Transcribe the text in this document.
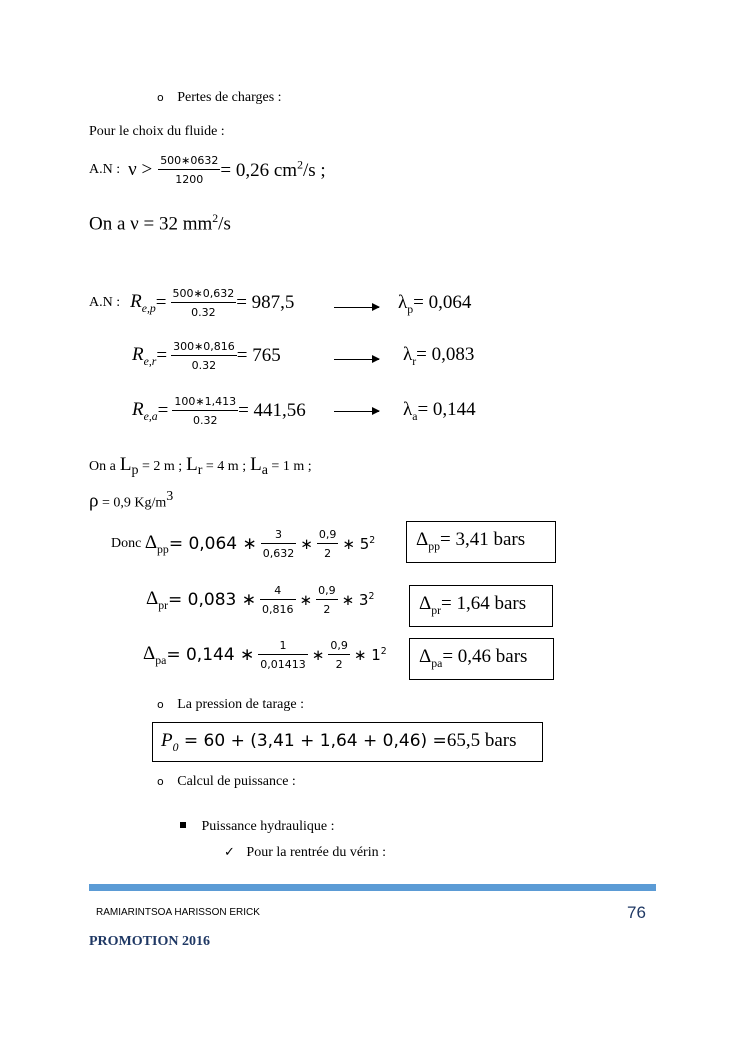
o Pertes de charges :
Pour le choix du fluide :
A.N : $\nu > \frac{500∗0632}{1200} = 0,26$ $cm^2/s$ ;
On a ν = 32 $mm^2/s$
A.N : $R_{e,p}= \frac{500∗0,632}{0.32} = 987,5$	$\lambda_p= 0,064$
$R_{e,r}= \frac{300∗0,816}{0.32} = 765$	$\lambda_r= 0,083$
$R_{e,a}= \frac{100∗1,413}{0.32} = 441,56$	$\lambda_a= 0,144$
On a $L_p = 2$ m ; $L_r = 4$ m ; $L_a = 1$ m ;
ρ = 0,9 $Kg/m^3$
Donc $\Delta_{pp}= 0,064$ ∗ $\frac{3}{0,632}$ ∗ $\frac{0,9}{2}$ ∗ $5^2$ $\Delta_{pp}= 3,41$ bars
$\Delta_{pr}= 0,083$ ∗ $\frac{4}{0,816}$ ∗ $\frac{0,9}{2}$ ∗ $3^2$ $\Delta_{pr}= 1,64$ bars
$\Delta_{pa}= 0,144$ ∗ $\frac{1}{0,01413}$ ∗ $\frac{0,9}{2}$ ∗ $1^2$ $\Delta_{pa}= 0,46$ bars
o La pression de tarage :
$P_0 = 60 + (3,41 + 1,64 + 0,46) =65,5$ bars
o Calcul de puissance :
Puissance hydraulique :
✓ Pour la rentrée du vérin :
RAMIARINTSOA HARISSON ERICK	76
PROMOTION 2016
